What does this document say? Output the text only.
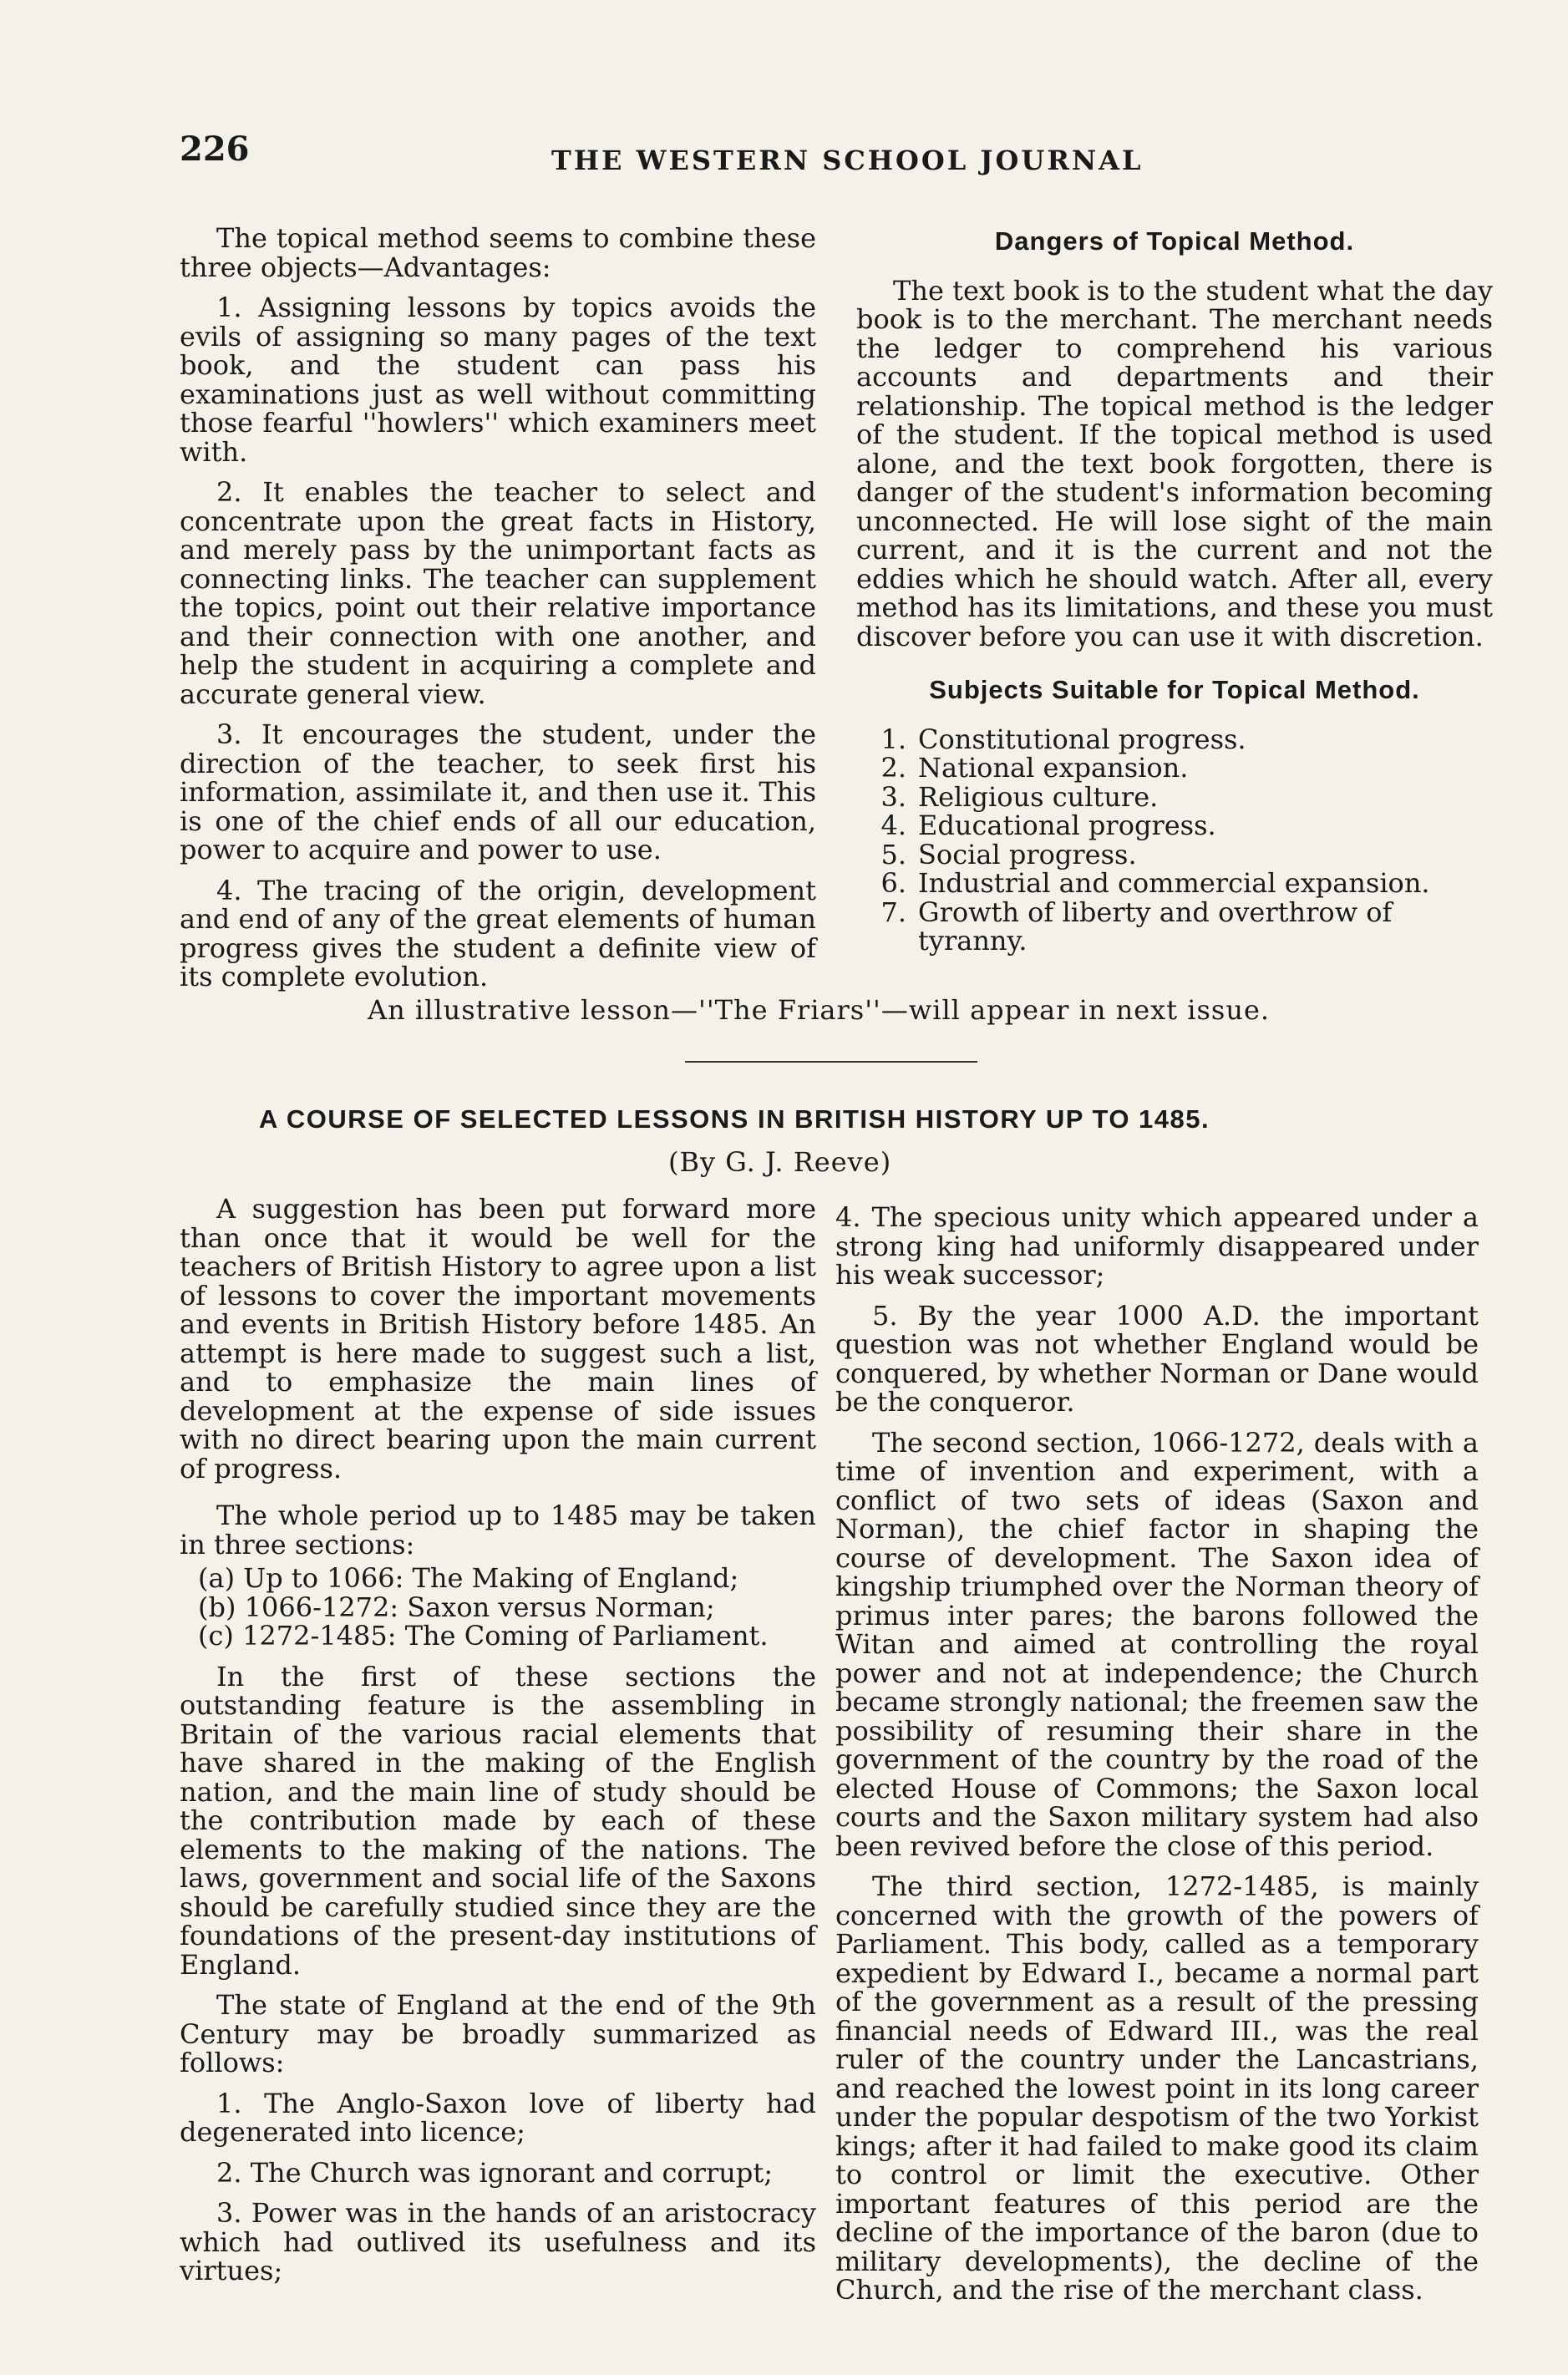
226	THE WESTERN SCHOOL JOURNAL

The topical method seems to combine these three objects—Advantages:

1. Assigning lessons by topics avoids the evils of assigning so many pages of the text book, and the student can pass his examinations just as well without committing those fearful ''howlers'' which examiners meet with.

2. It enables the teacher to select and concentrate upon the great facts in History, and merely pass by the unimportant facts as connecting links. The teacher can supplement the topics, point out their relative importance and their connection with one another, and help the student in acquiring a complete and accurate general view.

3. It encourages the student, under the direction of the teacher, to seek first his information, assimilate it, and then use it. This is one of the chief ends of all our education, power to acquire and power to use.

4. The tracing of the origin, development and end of any of the great elements of human progress gives the student a definite view of its complete evolution.

Dangers of Topical Method.

The text book is to the student what the day book is to the merchant. The merchant needs the ledger to comprehend his various accounts and departments and their relationship. The topical method is the ledger of the student. If the topical method is used alone, and the text book forgotten, there is danger of the student's information becoming unconnected. He will lose sight of the main current, and it is the current and not the eddies which he should watch. After all, every method has its limitations, and these you must discover before you can use it with discretion.

Subjects Suitable for Topical Method.
1. Constitutional progress.
2. National expansion.
3. Religious culture.
4. Educational progress.
5. Social progress.
6. Industrial and commercial expansion.
7. Growth of liberty and overthrow of tyranny.
An illustrative lesson—''The Friars''—will appear in next issue.
A COURSE OF SELECTED LESSONS IN BRITISH HISTORY UP TO 1485.
(By G. J. Reeve)

A suggestion has been put forward more than once that it would be well for the teachers of British History to agree upon a list of lessons to cover the important movements and events in British History before 1485. An attempt is here made to suggest such a list, and to emphasize the main lines of development at the expense of side issues with no direct bearing upon the main current of progress.

The whole period up to 1485 may be taken in three sections:

(a) Up to 1066: The Making of England;
(b) 1066-1272: Saxon versus Norman;
(c) 1272-1485: The Coming of Parliament.

In the first of these sections the outstanding feature is the assembling in Britain of the various racial elements that have shared in the making of the English nation, and the main line of study should be the contribution made by each of these elements to the making of the nations. The laws, government and social life of the Saxons should be carefully studied since they are the foundations of the present-day institutions of England.

The state of England at the end of the 9th Century may be broadly summarized as follows:

1. The Anglo-Saxon love of liberty had degenerated into licence;

2. The Church was ignorant and corrupt;

3. Power was in the hands of an aristocracy which had outlived its usefulness and its virtues;

4. The specious unity which appeared under a strong king had uniformly disappeared under his weak successor;

5. By the year 1000 A.D. the important question was not whether England would be conquered, by whether Norman or Dane would be the conqueror.

The second section, 1066-1272, deals with a time of invention and experiment, with a conflict of two sets of ideas (Saxon and Norman), the chief factor in shaping the course of development. The Saxon idea of kingship triumphed over the Norman theory of primus inter pares; the barons followed the Witan and aimed at controlling the royal power and not at independence; the Church became strongly national; the freemen saw the possibility of resuming their share in the government of the country by the road of the elected House of Commons; the Saxon local courts and the Saxon military system had also been revived before the close of this period.

The third section, 1272-1485, is mainly concerned with the growth of the powers of Parliament. This body, called as a temporary expedient by Edward I., became a normal part of the government as a result of the pressing financial needs of Edward III., was the real ruler of the country under the Lancastrians, and reached the lowest point in its long career under the popular despotism of the two Yorkist kings; after it had failed to make good its claim to control or limit the executive. Other important features of this period are the decline of the importance of the baron (due to military developments), the decline of the Church, and the rise of the merchant class.
